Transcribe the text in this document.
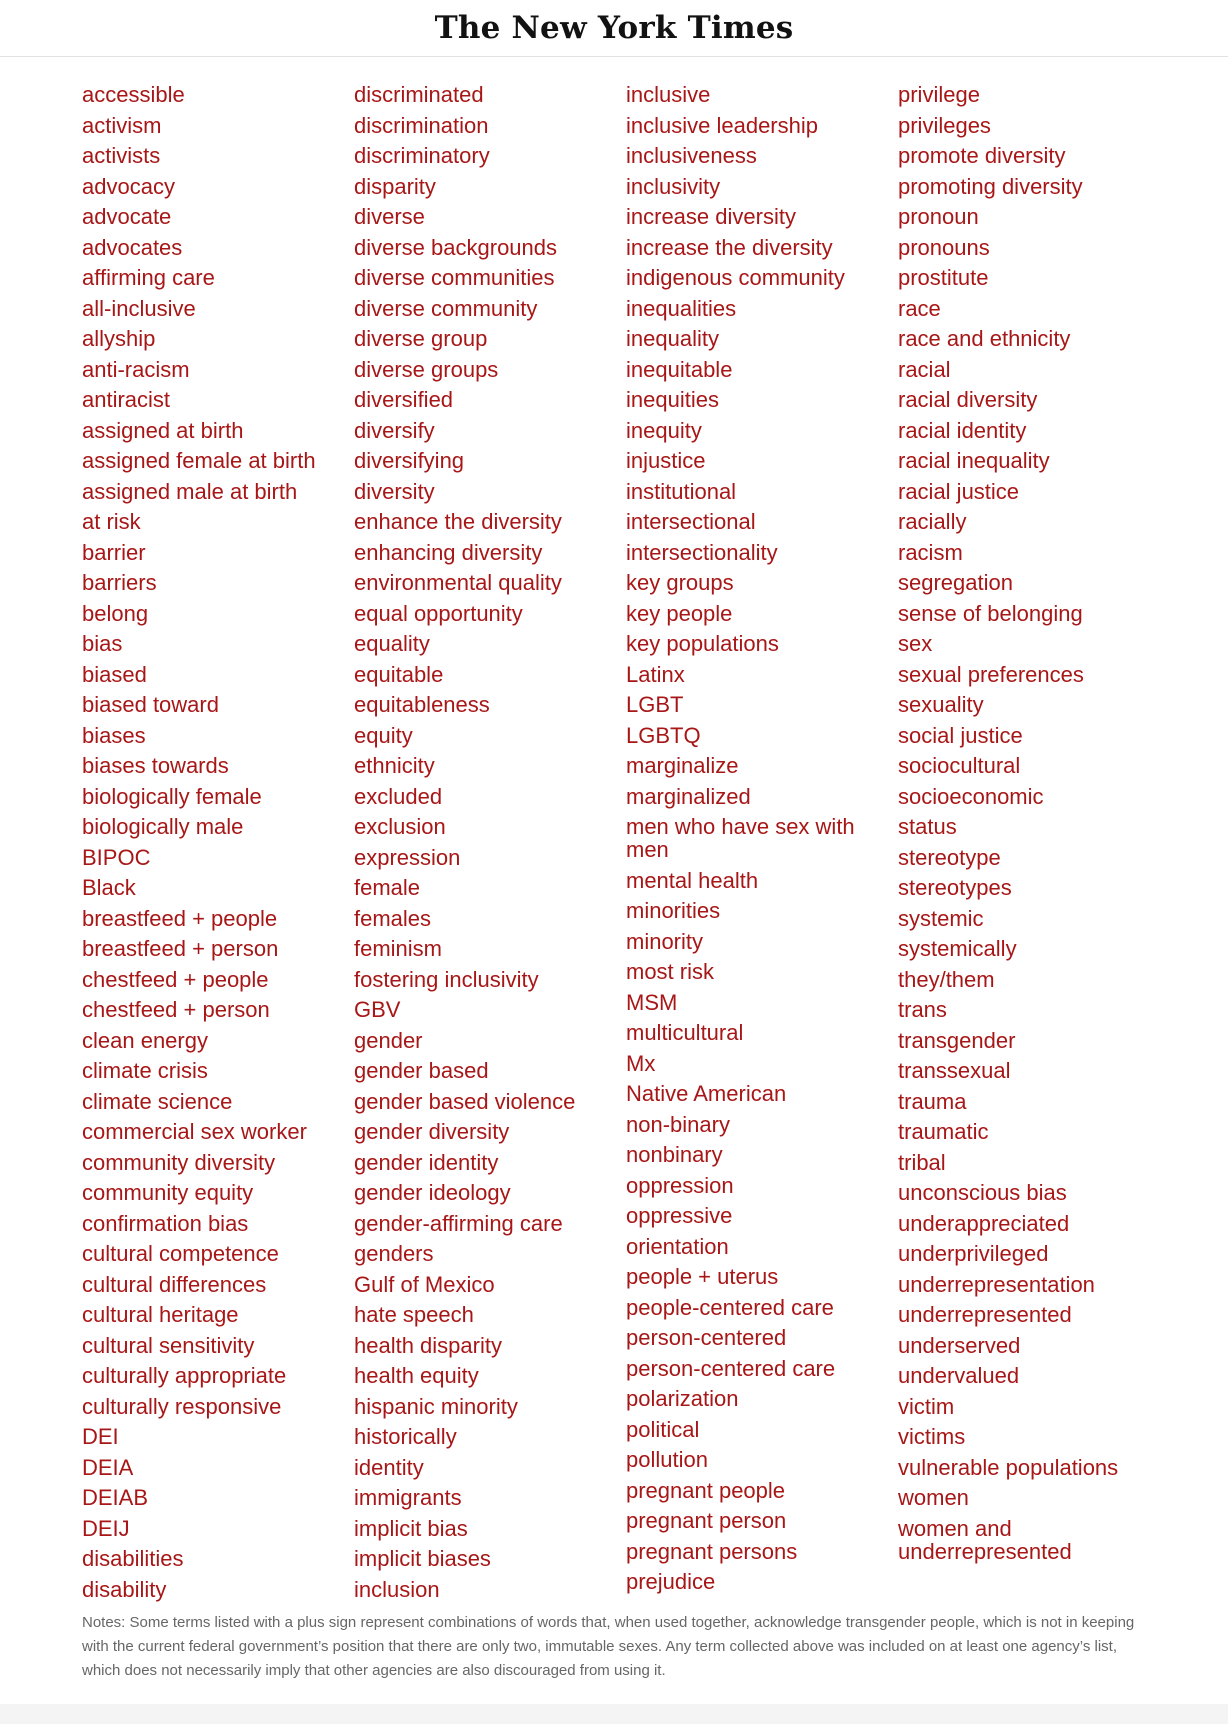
The New York Times
accessible
activism
activists
advocacy
advocate
advocates
affirming care
all-inclusive
allyship
anti-racism
antiracist
assigned at birth
assigned female at birth
assigned male at birth
at risk
barrier
barriers
belong
bias
biased
biased toward
biases
biases towards
biologically female
biologically male
BIPOC
Black
breastfeed + people
breastfeed + person
chestfeed + people
chestfeed + person
clean energy
climate crisis
climate science
commercial sex worker
community diversity
community equity
confirmation bias
cultural competence
cultural differences
cultural heritage
cultural sensitivity
culturally appropriate
culturally responsive
DEI
DEIA
DEIAB
DEIJ
disabilities
disability
discriminated
discrimination
discriminatory
disparity
diverse
diverse backgrounds
diverse communities
diverse community
diverse group
diverse groups
diversified
diversify
diversifying
diversity
enhance the diversity
enhancing diversity
environmental quality
equal opportunity
equality
equitable
equitableness
equity
ethnicity
excluded
exclusion
expression
female
females
feminism
fostering inclusivity
GBV
gender
gender based
gender based violence
gender diversity
gender identity
gender ideology
gender-affirming care
genders
Gulf of Mexico
hate speech
health disparity
health equity
hispanic minority
historically
identity
immigrants
implicit bias
implicit biases
inclusion
inclusive
inclusive leadership
inclusiveness
inclusivity
increase diversity
increase the diversity
indigenous community
inequalities
inequality
inequitable
inequities
inequity
injustice
institutional
intersectional
intersectionality
key groups
key people
key populations
Latinx
LGBT
LGBTQ
marginalize
marginalized
men who have sex with men
mental health
minorities
minority
most risk
MSM
multicultural
Mx
Native American
non-binary
nonbinary
oppression
oppressive
orientation
people + uterus
people-centered care
person-centered
person-centered care
polarization
political
pollution
pregnant people
pregnant person
pregnant persons
prejudice
privilege
privileges
promote diversity
promoting diversity
pronoun
pronouns
prostitute
race
race and ethnicity
racial
racial diversity
racial identity
racial inequality
racial justice
racially
racism
segregation
sense of belonging
sex
sexual preferences
sexuality
social justice
sociocultural
socioeconomic
status
stereotype
stereotypes
systemic
systemically
they/them
trans
transgender
transsexual
trauma
traumatic
tribal
unconscious bias
underappreciated
underprivileged
underrepresentation
underrepresented
underserved
undervalued
victim
victims
vulnerable populations
women
women and underrepresented

Notes: Some terms listed with a plus sign represent combinations of words that, when used together, acknowledge transgender people, which is not in keeping with the current federal government’s position that there are only two, immutable sexes. Any term collected above was included on at least one agency’s list, which does not necessarily imply that other agencies are also discouraged from using it.
